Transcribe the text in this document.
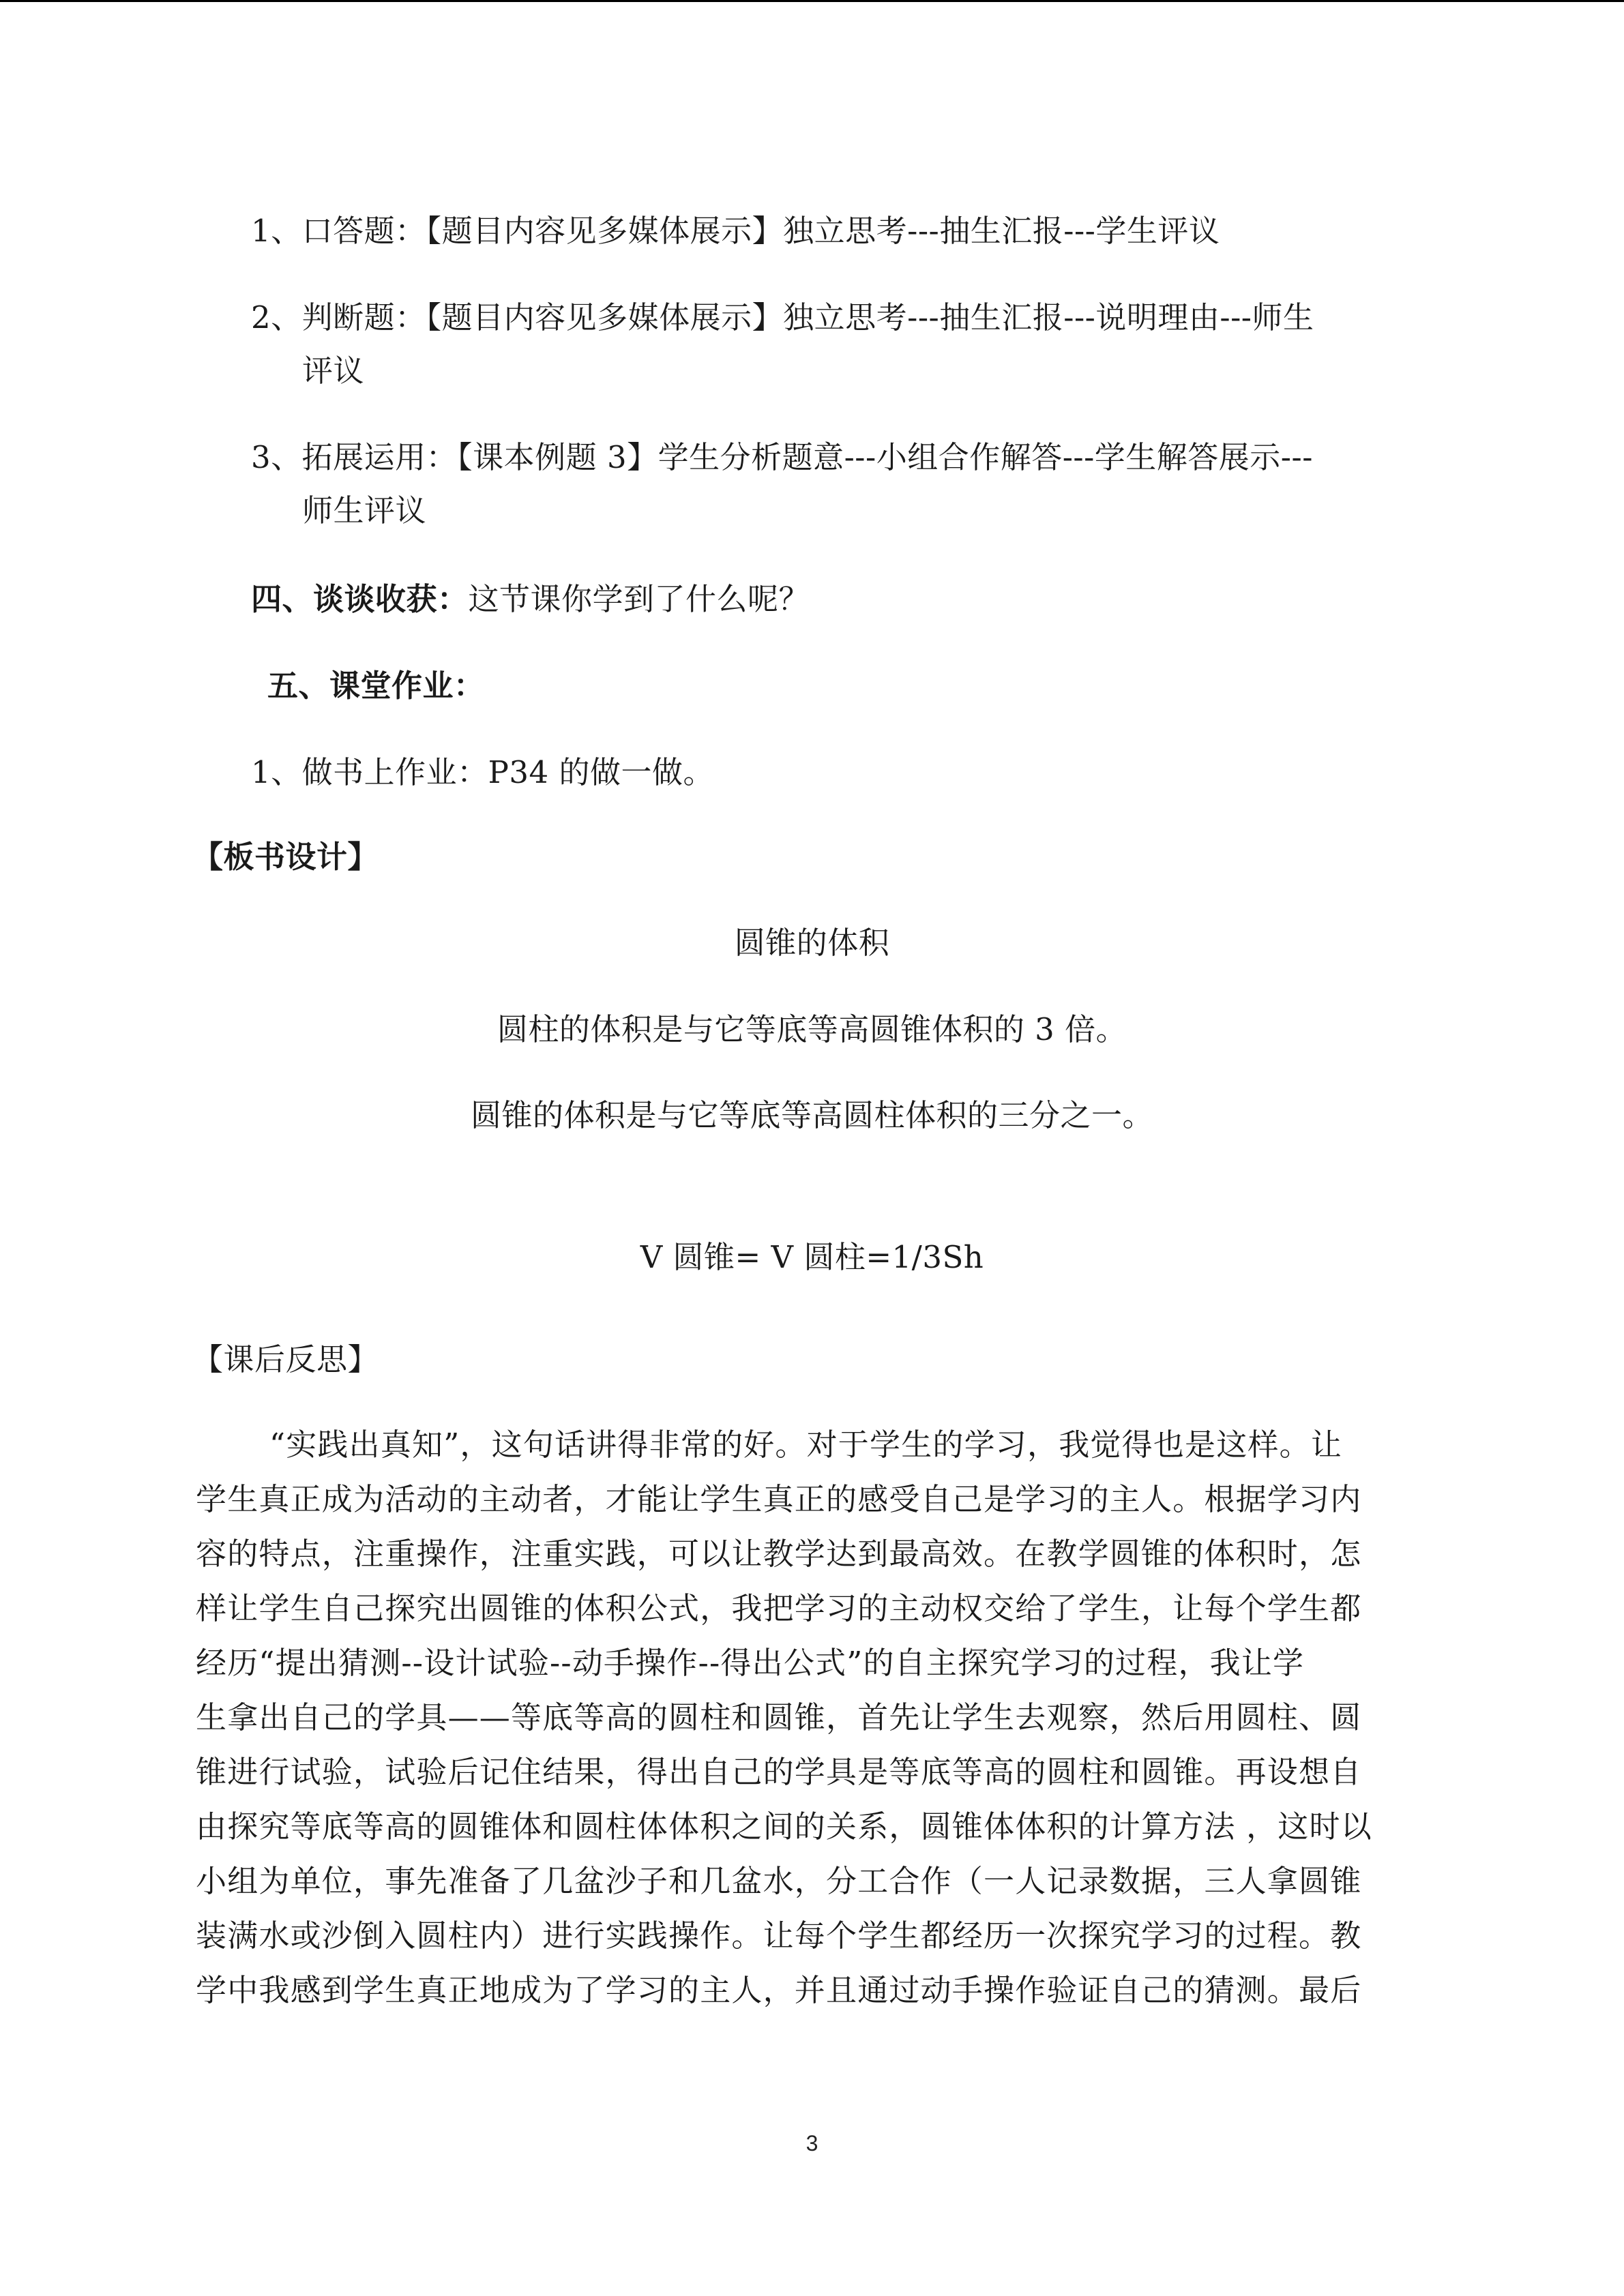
1、口答题：【题目内容见多媒体展示】独立思考---抽生汇报---学生评议
2、判断题：【题目内容见多媒体展示】独立思考---抽生汇报---说明理由---师生
评议
3、拓展运用：【课本例题 3】学生分析题意---小组合作解答---学生解答展示---
师生评议
四、谈谈收获：这节课你学到了什么呢？
五、课堂作业：
1、做书上作业：P34 的做一做。
【板书设计】
圆锥的体积
圆柱的体积是与它等底等高圆锥体积的 3 倍。
圆锥的体积是与它等底等高圆柱体积的三分之一。
V 圆锥= V 圆柱=1/3Sh
【课后反思】
“实践出真知”，这句话讲得非常的好。对于学生的学习，我觉得也是这样。让
学生真正成为活动的主动者，才能让学生真正的感受自己是学习的主人。根据学习内
容的特点，注重操作，注重实践，可以让教学达到最高效。在教学圆锥的体积时，怎
样让学生自己探究出圆锥的体积公式，我把学习的主动权交给了学生，让每个学生都
经历“提出猜测--设计试验--动手操作--得出公式”的自主探究学习的过程，我让学
生拿出自己的学具——等底等高的圆柱和圆锥，首先让学生去观察，然后用圆柱、圆
锥进行试验，试验后记住结果，得出自己的学具是等底等高的圆柱和圆锥。再设想自
由探究等底等高的圆锥体和圆柱体体积之间的关系，圆锥体体积的计算方法 ，这时以
小组为单位，事先准备了几盆沙子和几盆水，分工合作（一人记录数据，三人拿圆锥
装满水或沙倒入圆柱内）进行实践操作。让每个学生都经历一次探究学习的过程。教
学中我感到学生真正地成为了学习的主人，并且通过动手操作验证自己的猜测。最后
3
